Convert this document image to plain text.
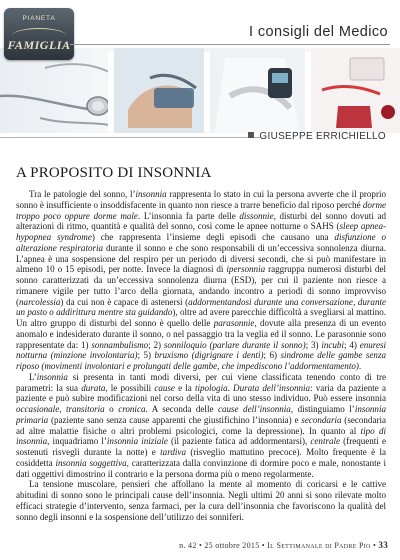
PIANETA
FAMIGLIA
I consigli del Medico
GIUSEPPE ERRICHIELLO
A PROPOSITO DI INSONNIA

Tra le patologie del sonno, l’insonnia rappresenta lo stato in cui la persona avverte che il proprio sonno è insufficiente o insoddisfacente in quanto non riesce a trarre beneficio dal riposo perché dorme troppo poco oppure dorme male. L’insonnia fa parte delle dissonnie, disturbi del sonno dovuti ad alterazioni di ritmo, quantità e qualità del sonno, così come le apnee notturne o SAHS (sleep apnea-hypopnea syndrome) che rappresenta l’insieme degli episodi che causano una disfunzione o alterazione respiratoria durante il sonno e che sono responsabili di un’eccessiva sonnolenza diurna. L’apnea è una sospensione del respiro per un periodo di diversi secondi, che si può manifestare in almeno 10 o 15 episodi, per notte. Invece la diagnosi di ipersonnia raggruppa numerosi disturbi del sonno caratterizzati da un’eccessiva sonnolenza diurna (ESD), per cui il paziente non riesce a rimanere vigile per tutto l’arco della giornata, andando incontro a periodi di sonno improvviso (narcolessia) da cui non è capace di astenersi (addormentandosi durante una conversazione, durante un pasto o addirittura mentre sta guidando), oltre ad avere parecchie difficoltà a svegliarsi al mattino. Un altro gruppo di disturbi del sonno è quello delle parasonnie, dovute alla presenza di un evento anomalo e indesiderato durante il sonno, o nel passaggio tra la veglia ed il sonno. Le parasonnie sono rappresentate da: 1) sonnambulismo; 2) sonniloquio (parlare durante il sonno); 3) incubi; 4) enuresi notturna (minzione involontaria); 5) bruxismo (digrignare i denti); 6) sindrome delle gambe senza riposo (movimenti involontari e prolungati delle gambe, che impediscono l’addormentamento).

L’insonnia si presenta in tanti modi diversi, per cui viene classificata tenendo conto di tre parametri: la sua durata, le possibili cause e la tipologia. Durata dell’insonnia: varia da paziente a paziente e può subire modificazioni nel corso della vita di uno stesso individuo. Può essere insonnia occasionale, transitoria o cronica. A seconda delle cause dell’insonnia, distinguiamo l’insonnia primaria (paziente sano senza cause apparenti che giustifichino l’insonnia) e secondaria (secondaria ad altre malattie fisiche o altri problemi psicologici, come la depressione). In quanto al tipo di insonnia, inquadriamo l’insonnia iniziale (il paziente fatica ad addormentarsi), centrale (frequenti e sostenuti risvegli durante la notte) e tardiva (risveglio mattutino precoce). Molto frequente è la cosiddetta insonnia soggettiva, caratterizzata dalla convinzione di dormire poco e male, nonostante i dati oggettivi dimostrino il contrario e la persona dorma più o meno regolarmente.

La tensione muscolare, pensieri che affollano la mente al momento di coricarsi e le cattive abitudini di sonno sono le principali cause dell’insonnia. Negli ultimi 20 anni si sono rilevate molto efficaci strategie d’intervento, senza farmaci, per la cura dell’insonnia che favoriscono la qualità del sonno degli insonni e la sospensione dell’utilizzo dei sonniferi.

n. 42 • 25 ottobre 2015 • Il Settimanale di Padre Pio • 33
